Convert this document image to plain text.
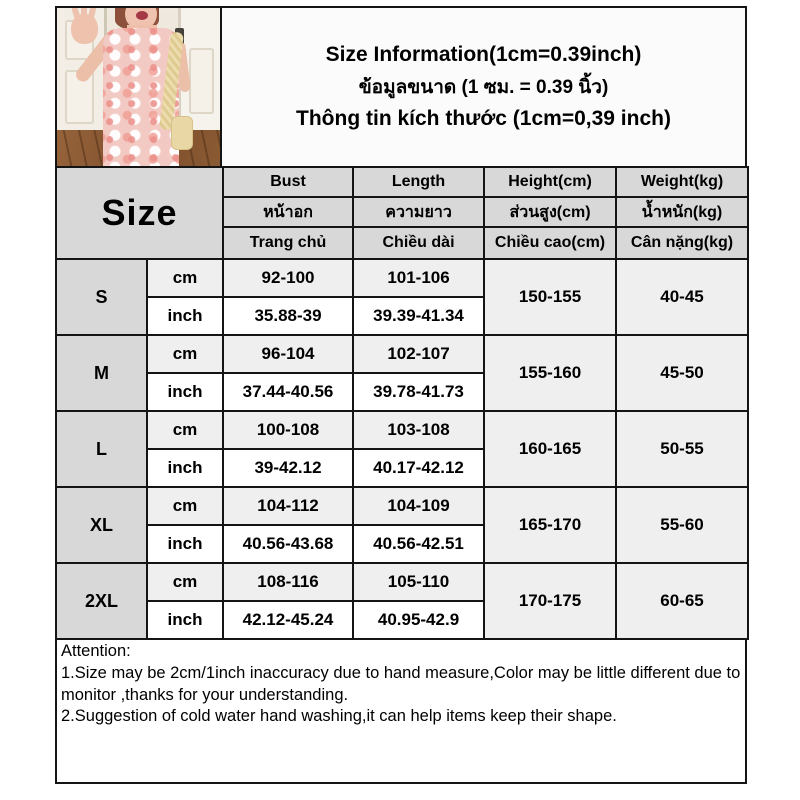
Size Information(1cm=0.39inch)
ข้อมูลขนาด (1 ซม. = 0.39 นิ้ว)
Thông tin kích thước (1cm=0,39 inch)
Size		Bust	Length	Height(cm)	Weight(kg)
		หน้าอก	ความยาว	ส่วนสูง(cm)	น้ำหนัก(kg)
		Trang chủ	Chiều dài	Chiều cao(cm)	Cân nặng(kg)
S	cm	92-100	101-106	150-155	40-45
	inch	35.88-39	39.39-41.34		
M	cm	96-104	102-107	155-160	45-50
	inch	37.44-40.56	39.78-41.73		
L	cm	100-108	103-108	160-165	50-55
	inch	39-42.12	40.17-42.12		
XL	cm	104-112	104-109	165-170	55-60
	inch	40.56-43.68	40.56-42.51		
2XL	cm	108-116	105-110	170-175	60-65
	inch	42.12-45.24	40.95-42.9		
Attention:
1.Size may be 2cm/1inch inaccuracy due to hand measure,Color may be little different due to monitor ,thanks for your understanding.
2.Suggestion of cold water hand washing,it can help items keep their shape.
